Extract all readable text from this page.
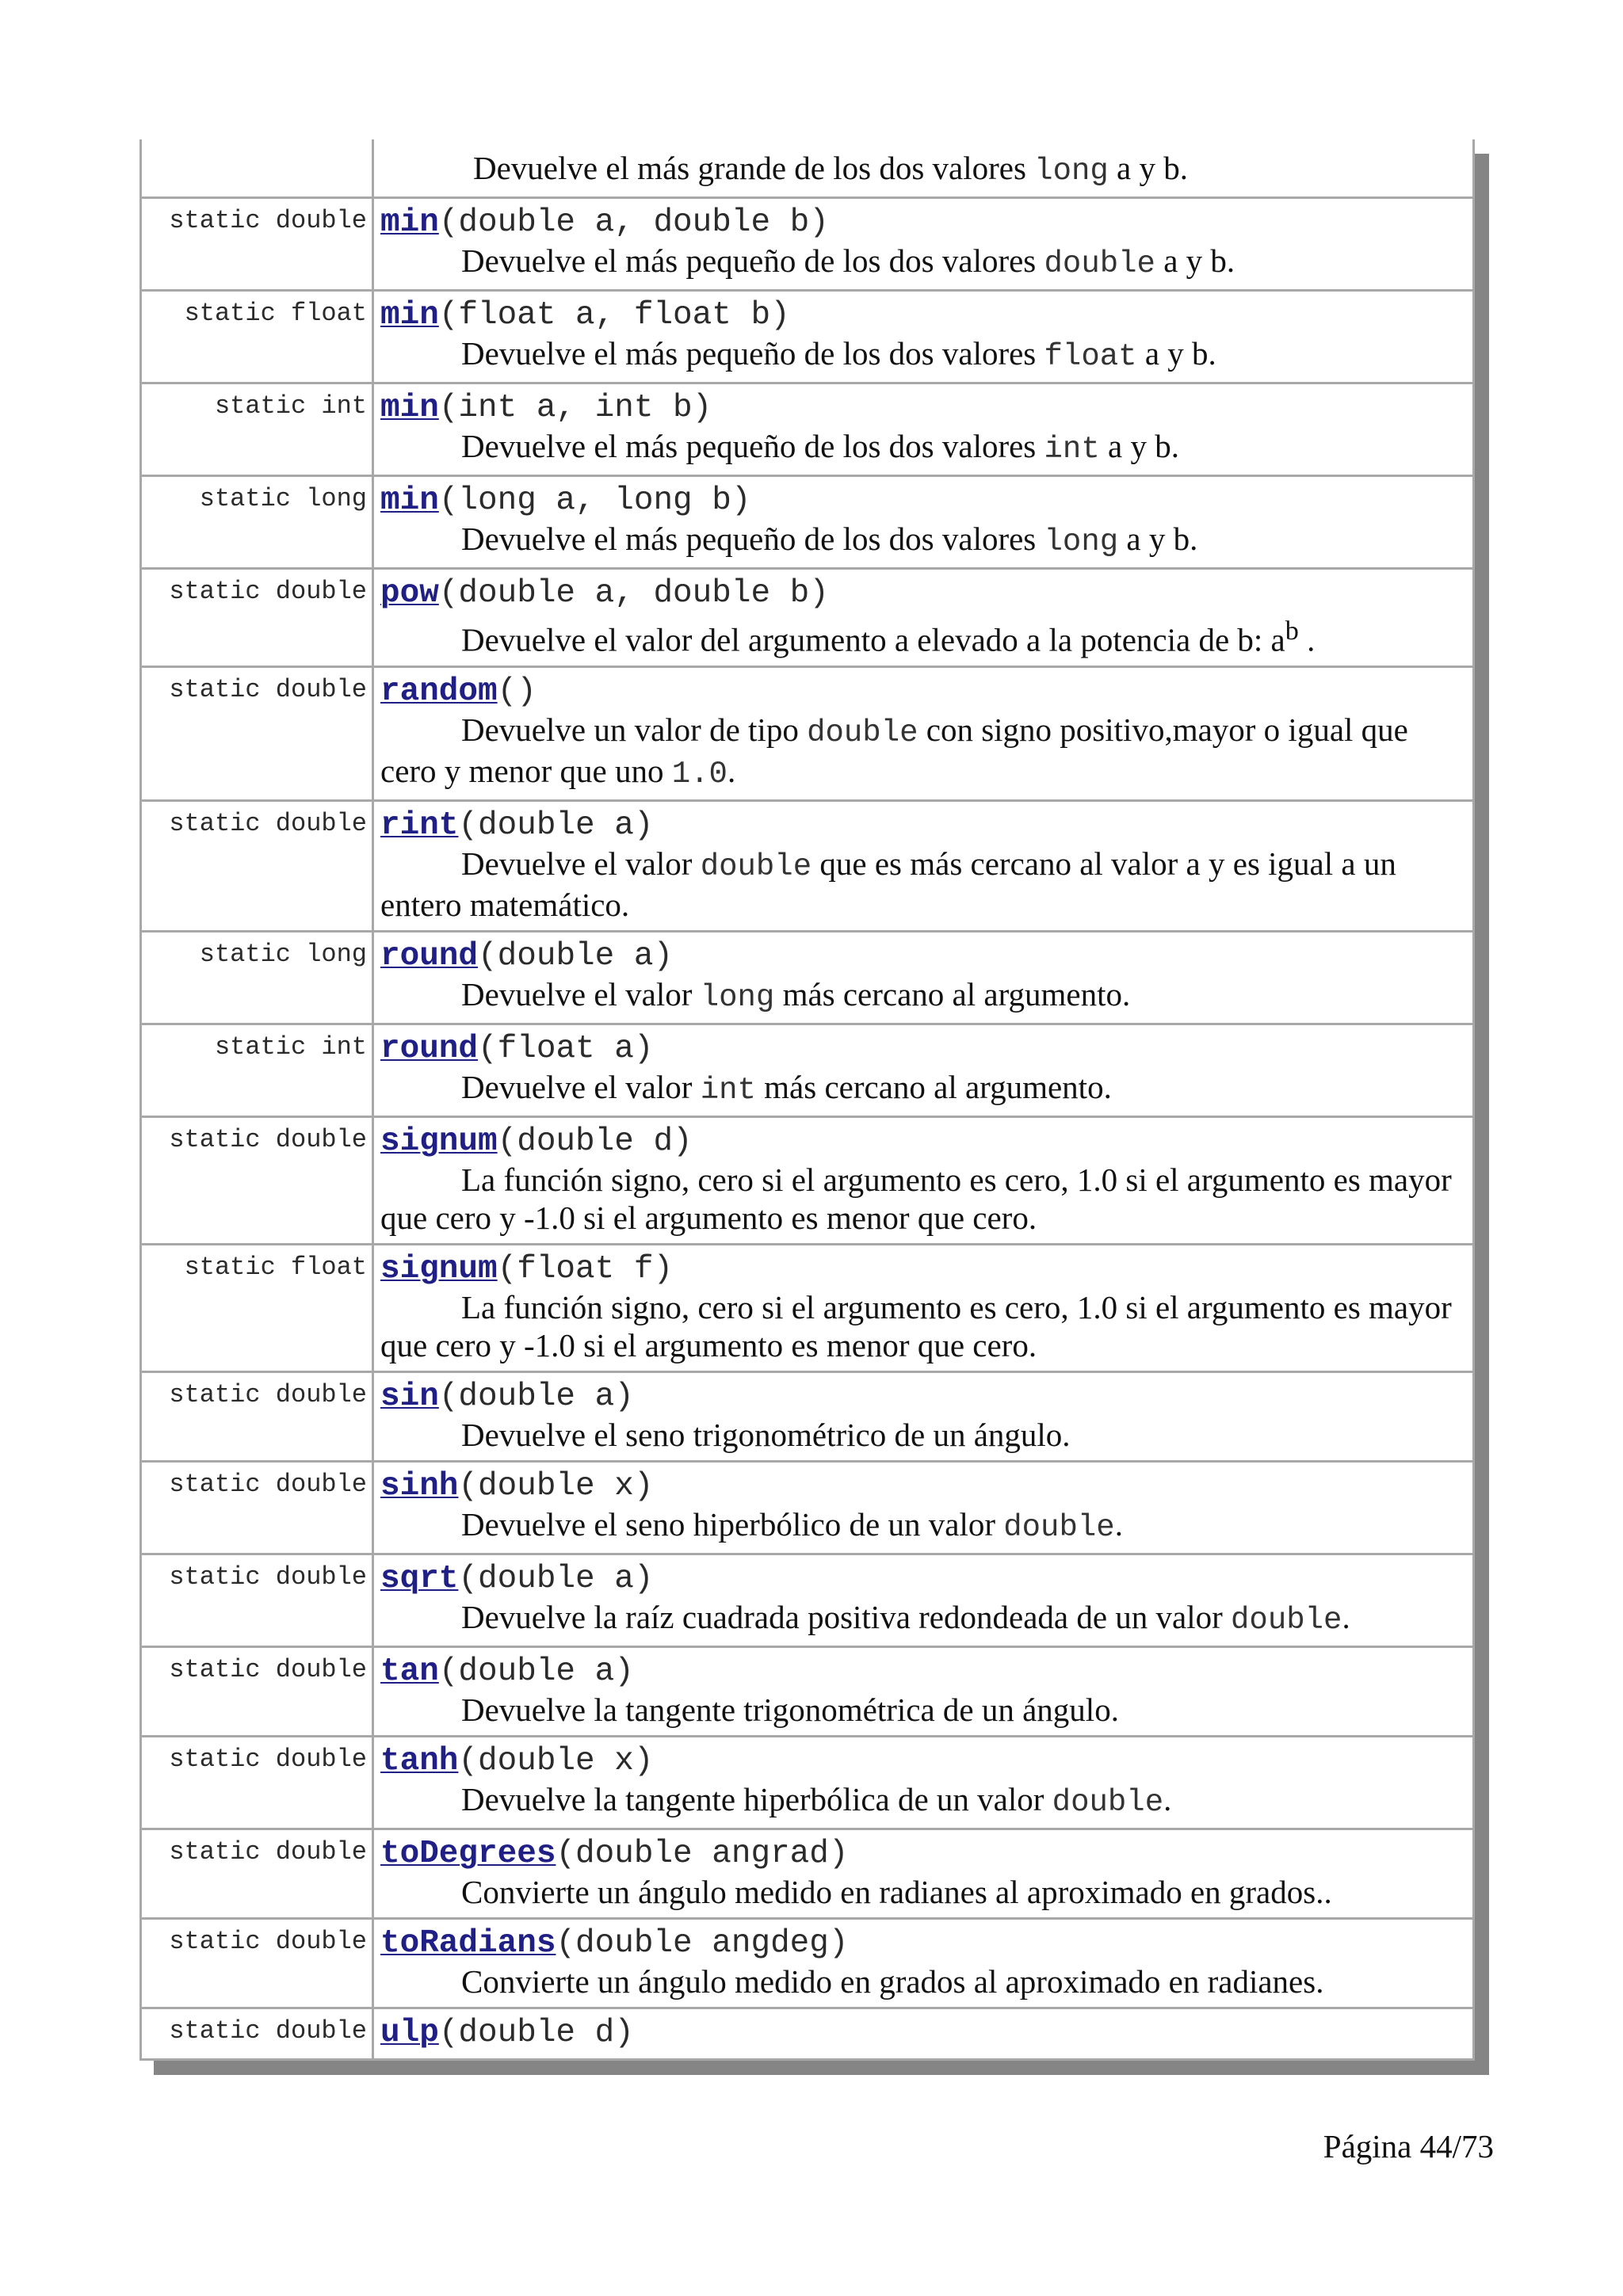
	Devuelve el más grande de los dos valores long a y b.

static double	min(double a, double b)
Devuelve el más pequeño de los dos valores double a y b.

static float	min(float a, float b)
Devuelve el más pequeño de los dos valores float a y b.

static int	min(int a, int b)
Devuelve el más pequeño de los dos valores int a y b.

static long	min(long a, long b)
Devuelve el más pequeño de los dos valores long a y b.

static double	pow(double a, double b)
Devuelve el valor del argumento a elevado a la potencia de b: $a^b$ .

static double	random()
Devuelve un valor de tipo double con signo positivo,mayor o igual que cero y menor que uno 1.0.

static double	rint(double a)
Devuelve el valor double que es más cercano al valor a y es igual a un entero matemático.

static long	round(double a)
Devuelve el valor long más cercano al argumento.

static int	round(float a)
Devuelve el valor int más cercano al argumento.

static double	signum(double d)
La función signo, cero si el argumento es cero, 1.0 si el argumento es mayor que cero y -1.0 si el argumento es menor que cero.

static float	signum(float f)
La función signo, cero si el argumento es cero, 1.0 si el argumento es mayor que cero y -1.0 si el argumento es menor que cero.

static double	sin(double a)
Devuelve el seno trigonométrico de un ángulo.

static double	sinh(double x)
Devuelve el seno hiperbólico de un valor double.

static double	sqrt(double a)
Devuelve la raíz cuadrada positiva redondeada de un valor double.

static double	tan(double a)
Devuelve la tangente trigonométrica de un ángulo.

static double	tanh(double x)
Devuelve la tangente hiperbólica de un valor double.

static double	toDegrees(double angrad)
Convierte un ángulo medido en radianes al aproximado en grados..

static double	toRadians(double angdeg)
Convierte un ángulo medido en grados al aproximado en radianes.

static double	ulp(double d)
Página 44/73
